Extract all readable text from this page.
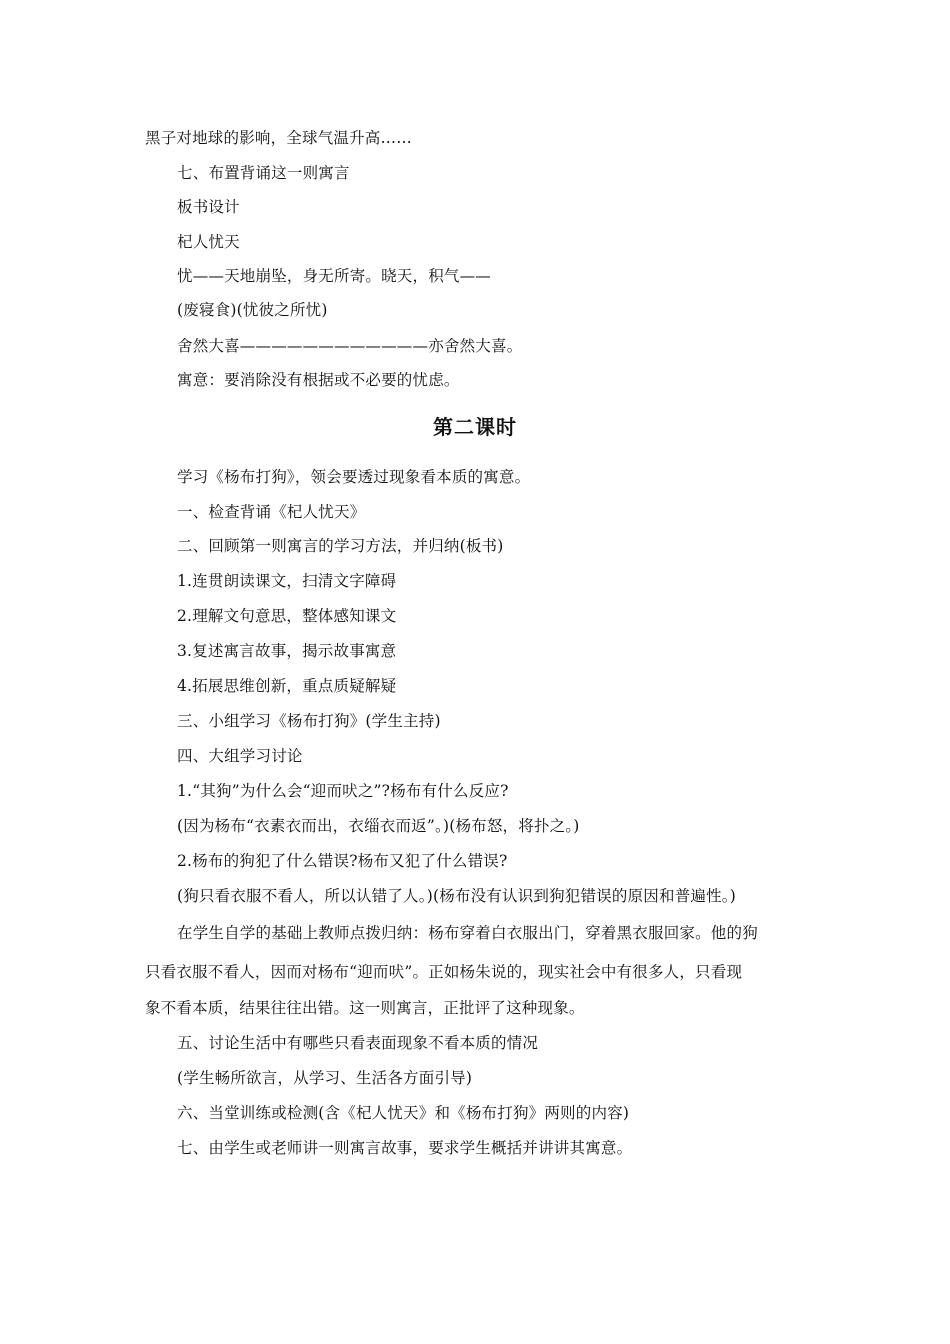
黑子对地球的影响，全球气温升高……
七、布置背诵这一则寓言
板书设计
杞人忧天
忧——天地崩坠，身无所寄。晓天，积气——
(废寝食)(忧彼之所忧)
舍然大喜————————————亦舍然大喜。
寓意：要消除没有根据或不必要的忧虑。
第二课时
学习《杨布打狗》，领会要透过现象看本质的寓意。
一、检查背诵《杞人忧天》
二、回顾第一则寓言的学习方法，并归纳(板书)
1.连贯朗读课文，扫清文字障碍
2.理解文句意思，整体感知课文
3.复述寓言故事，揭示故事寓意
4.拓展思维创新，重点质疑解疑
三、小组学习《杨布打狗》(学生主持)
四、大组学习讨论
1.“其狗”为什么会“迎而吠之”?杨布有什么反应?
(因为杨布“衣素衣而出，衣缁衣而返”。)(杨布怒，将扑之。)
2.杨布的狗犯了什么错误?杨布又犯了什么错误?
(狗只看衣服不看人，所以认错了人。)(杨布没有认识到狗犯错误的原因和普遍性。)
在学生自学的基础上教师点拨归纳：杨布穿着白衣服出门，穿着黑衣服回家。他的狗
只看衣服不看人，因而对杨布“迎而吠”。正如杨朱说的，现实社会中有很多人，只看现
象不看本质，结果往往出错。这一则寓言，正批评了这种现象。
五、讨论生活中有哪些只看表面现象不看本质的情况
(学生畅所欲言，从学习、生活各方面引导)
六、当堂训练或检测(含《杞人忧天》和《杨布打狗》两则的内容)
七、由学生或老师讲一则寓言故事，要求学生概括并讲讲其寓意。
